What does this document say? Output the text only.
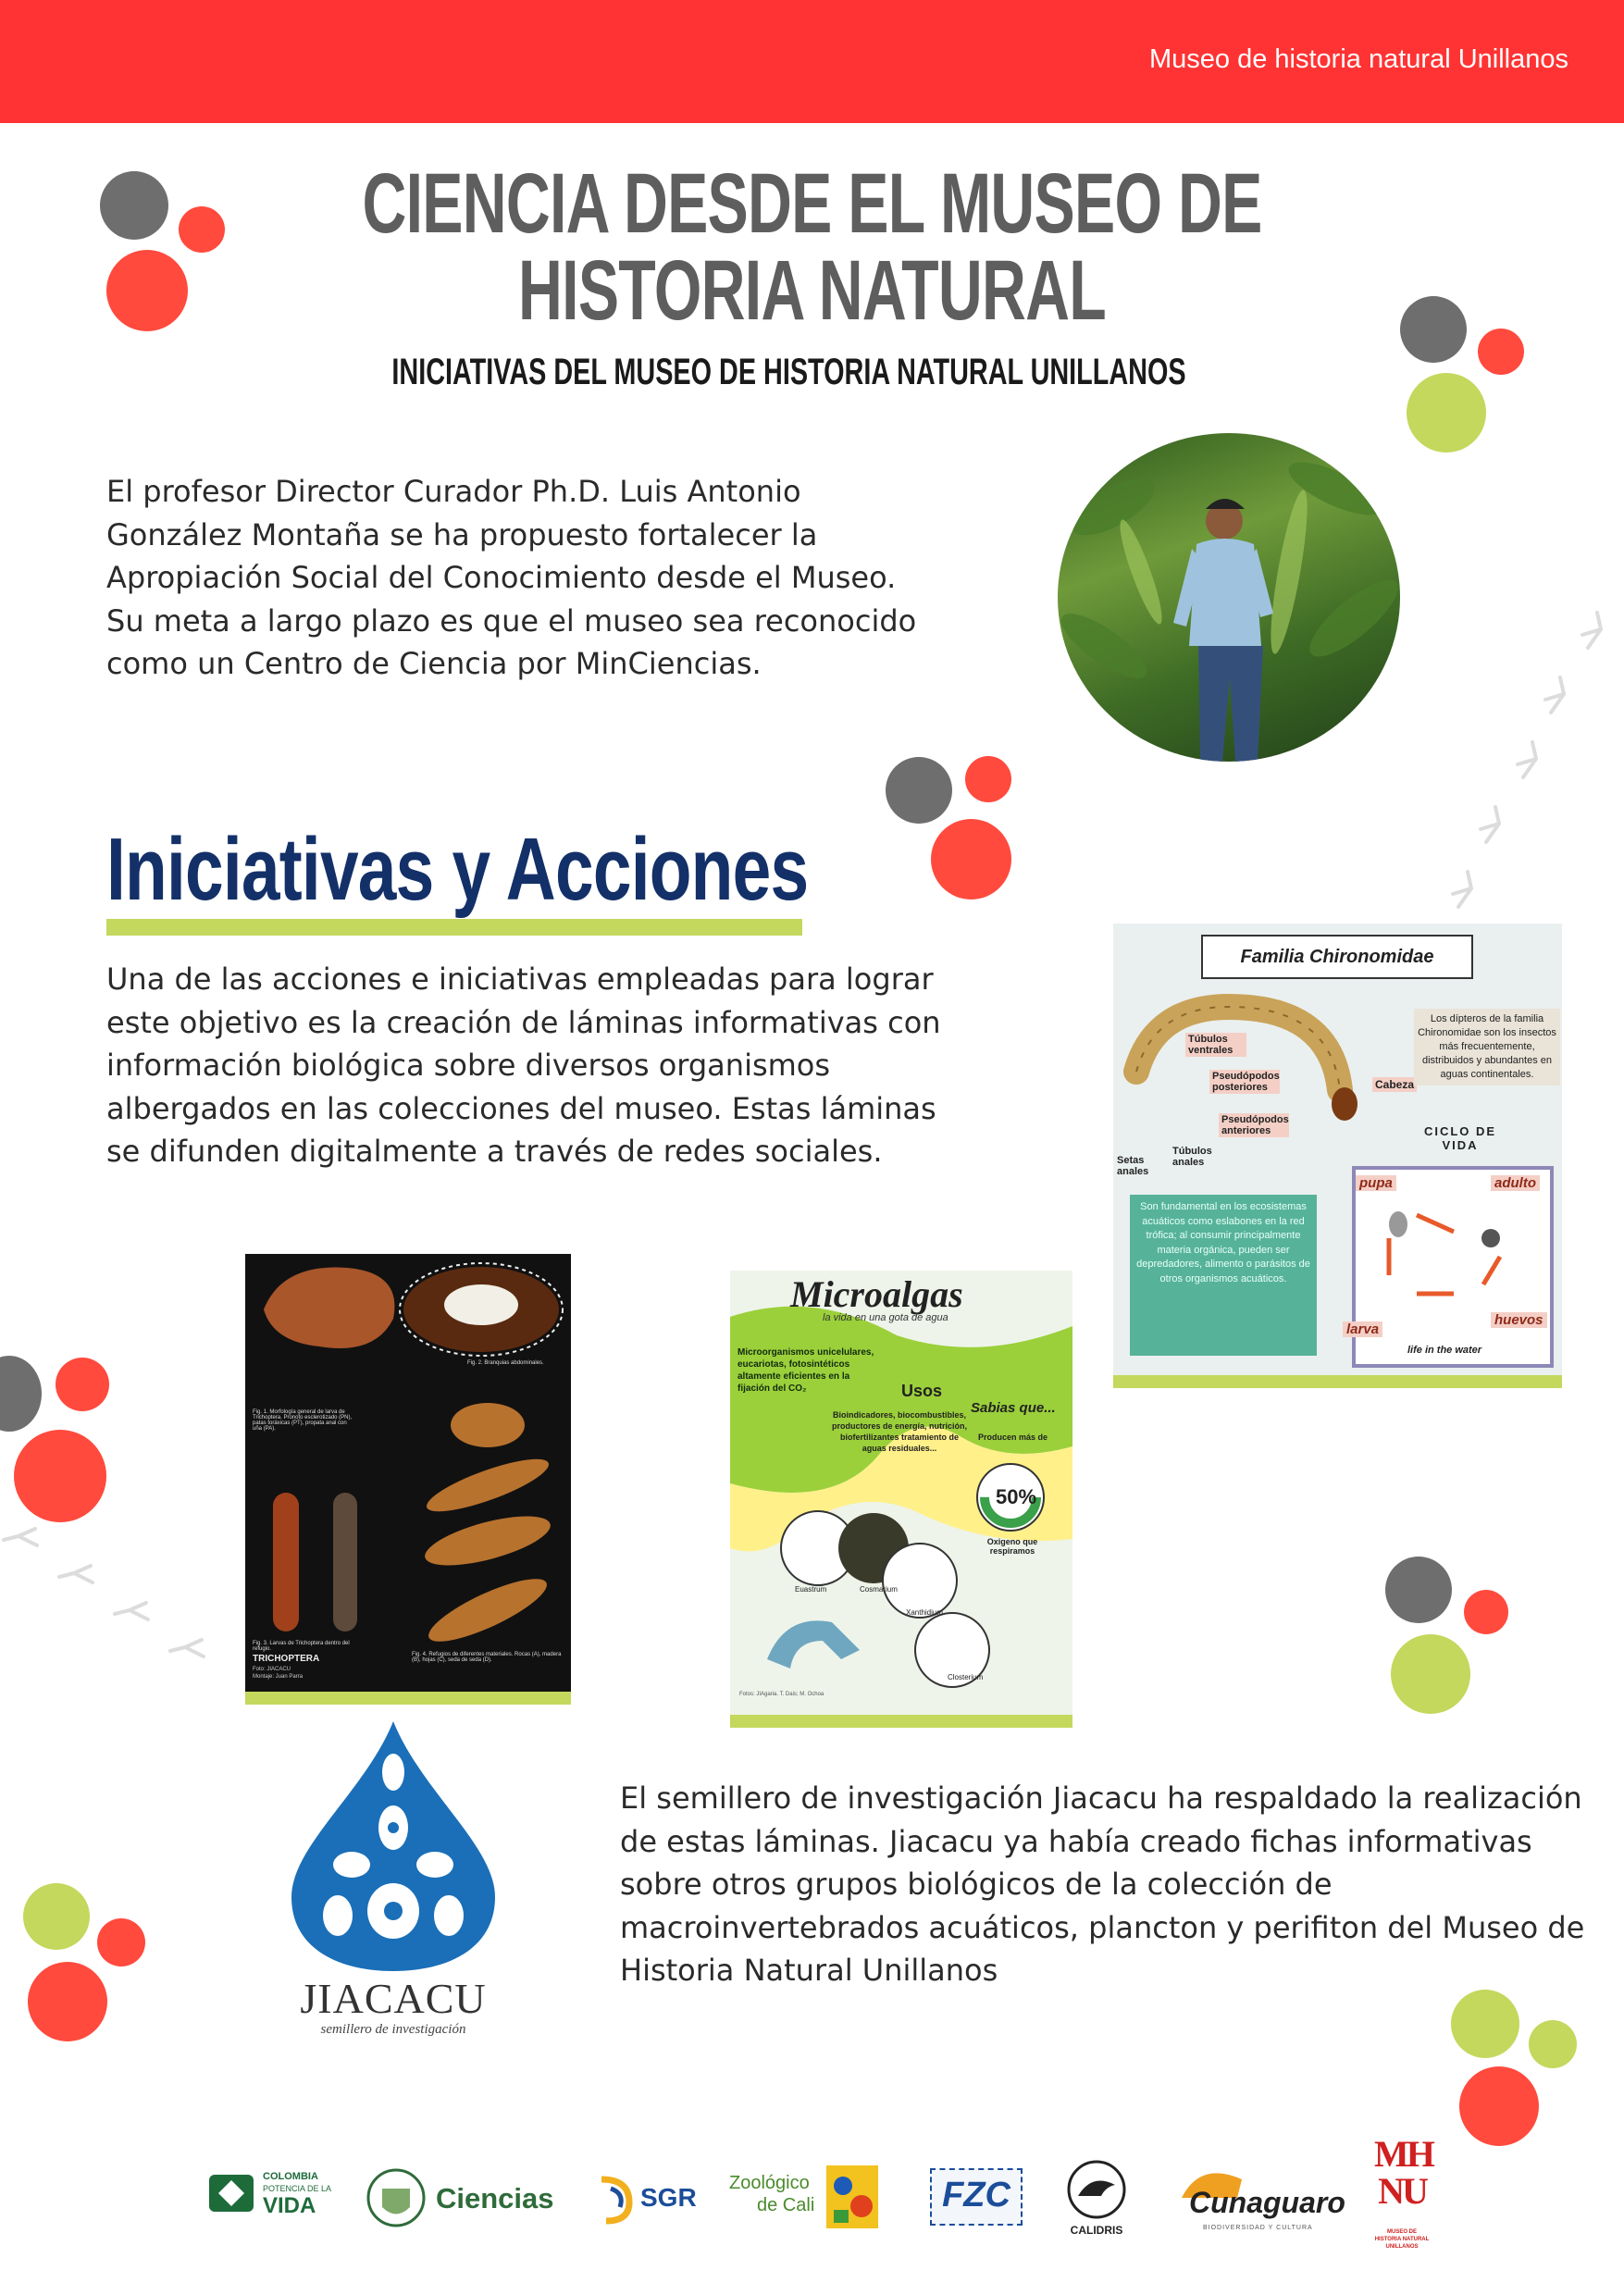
Museo de historia natural Unillanos
CIENCIA DESDE EL MUSEO DE
HISTORIA NATURAL
INICIATIVAS DEL MUSEO DE HISTORIA NATURAL UNILLANOS
El profesor Director Curador Ph.D. Luis Antonio
González Montaña se ha propuesto fortalecer la
Apropiación Social del Conocimiento desde el Museo.
Su meta a largo plazo es que el museo sea reconocido
como un Centro de Ciencia por MinCiencias.
Iniciativas y Acciones
Una de las acciones e iniciativas empleadas para lograr
este objetivo es la creación de láminas informativas con
información biológica sobre diversos organismos
albergados en las colecciones del museo. Estas láminas
se difunden digitalmente a través de redes sociales.
Familia Chironomidae
Túbulos ventrales
Pseudópodos posteriores
Pseudópodos anteriores
Cabeza
Setas anales
Túbulos anales
Los dípteros de la familia Chironomidae son los insectos más frecuentemente, distribuidos y abundantes en aguas continentales.
CICLO DE VIDA
Son fundamental en los ecosistemas acuáticos como eslabones en la red trófica; al consumir principalmente materia orgánica, pueden ser depredadores, alimento o parásitos de otros organismos acuáticos.
pupa	adulto
larva
huevos
life in the water
Fig. 1. Morfología general de larva de Trichoptera. Pronoto esclerotizado (PN), patas toráxicas (PT), propata anal con uña (PA).
Fig. 2. Branquias abdominales.
Fig. 3. Larvas de Trichoptera dentro del refugio.
Fig. 4. Refugios de diferentes materiales. Rocas (A), madera (B), hojas (C), seda de seda (D).
TRICHOPTERA
Foto: JIACACU
Montaje: Juan Parra
Microalgas
la vida en una gota de agua
Microorganismos unicelulares, eucariotas, fotosintéticos altamente eficientes en la fijación del CO₂	Usos
Bioindicadores, biocombustibles, productores de energía, nutrición, biofertilizantes tratamiento de aguas residuales...
Sabias que...
Producen más de
50%
Oxigeno que respiramos
Euastrum	Cosmarium
Xanthidium
Closterium
Fotos: JIAgaria. T. Dais; M. Ochoa
JIACACU
semillero de investigación
El semillero de investigación Jiacacu ha respaldado la realización
de estas láminas. Jiacacu ya había creado fichas informativas
sobre otros grupos biológicos de la colección de
macroinvertebrados acuáticos, plancton y perifiton del Museo de
Historia Natural Unillanos
COLOMBIA
POTENCIA DE LA
VIDA	Ciencias	SGR Zoológico
de Cali	FZC
CALIDRIS
Cunaguaro
BIODIVERSIDAD Y CULTURA
MH
NU
MUSEO DE HISTORIA NATURAL UNILLANOS
